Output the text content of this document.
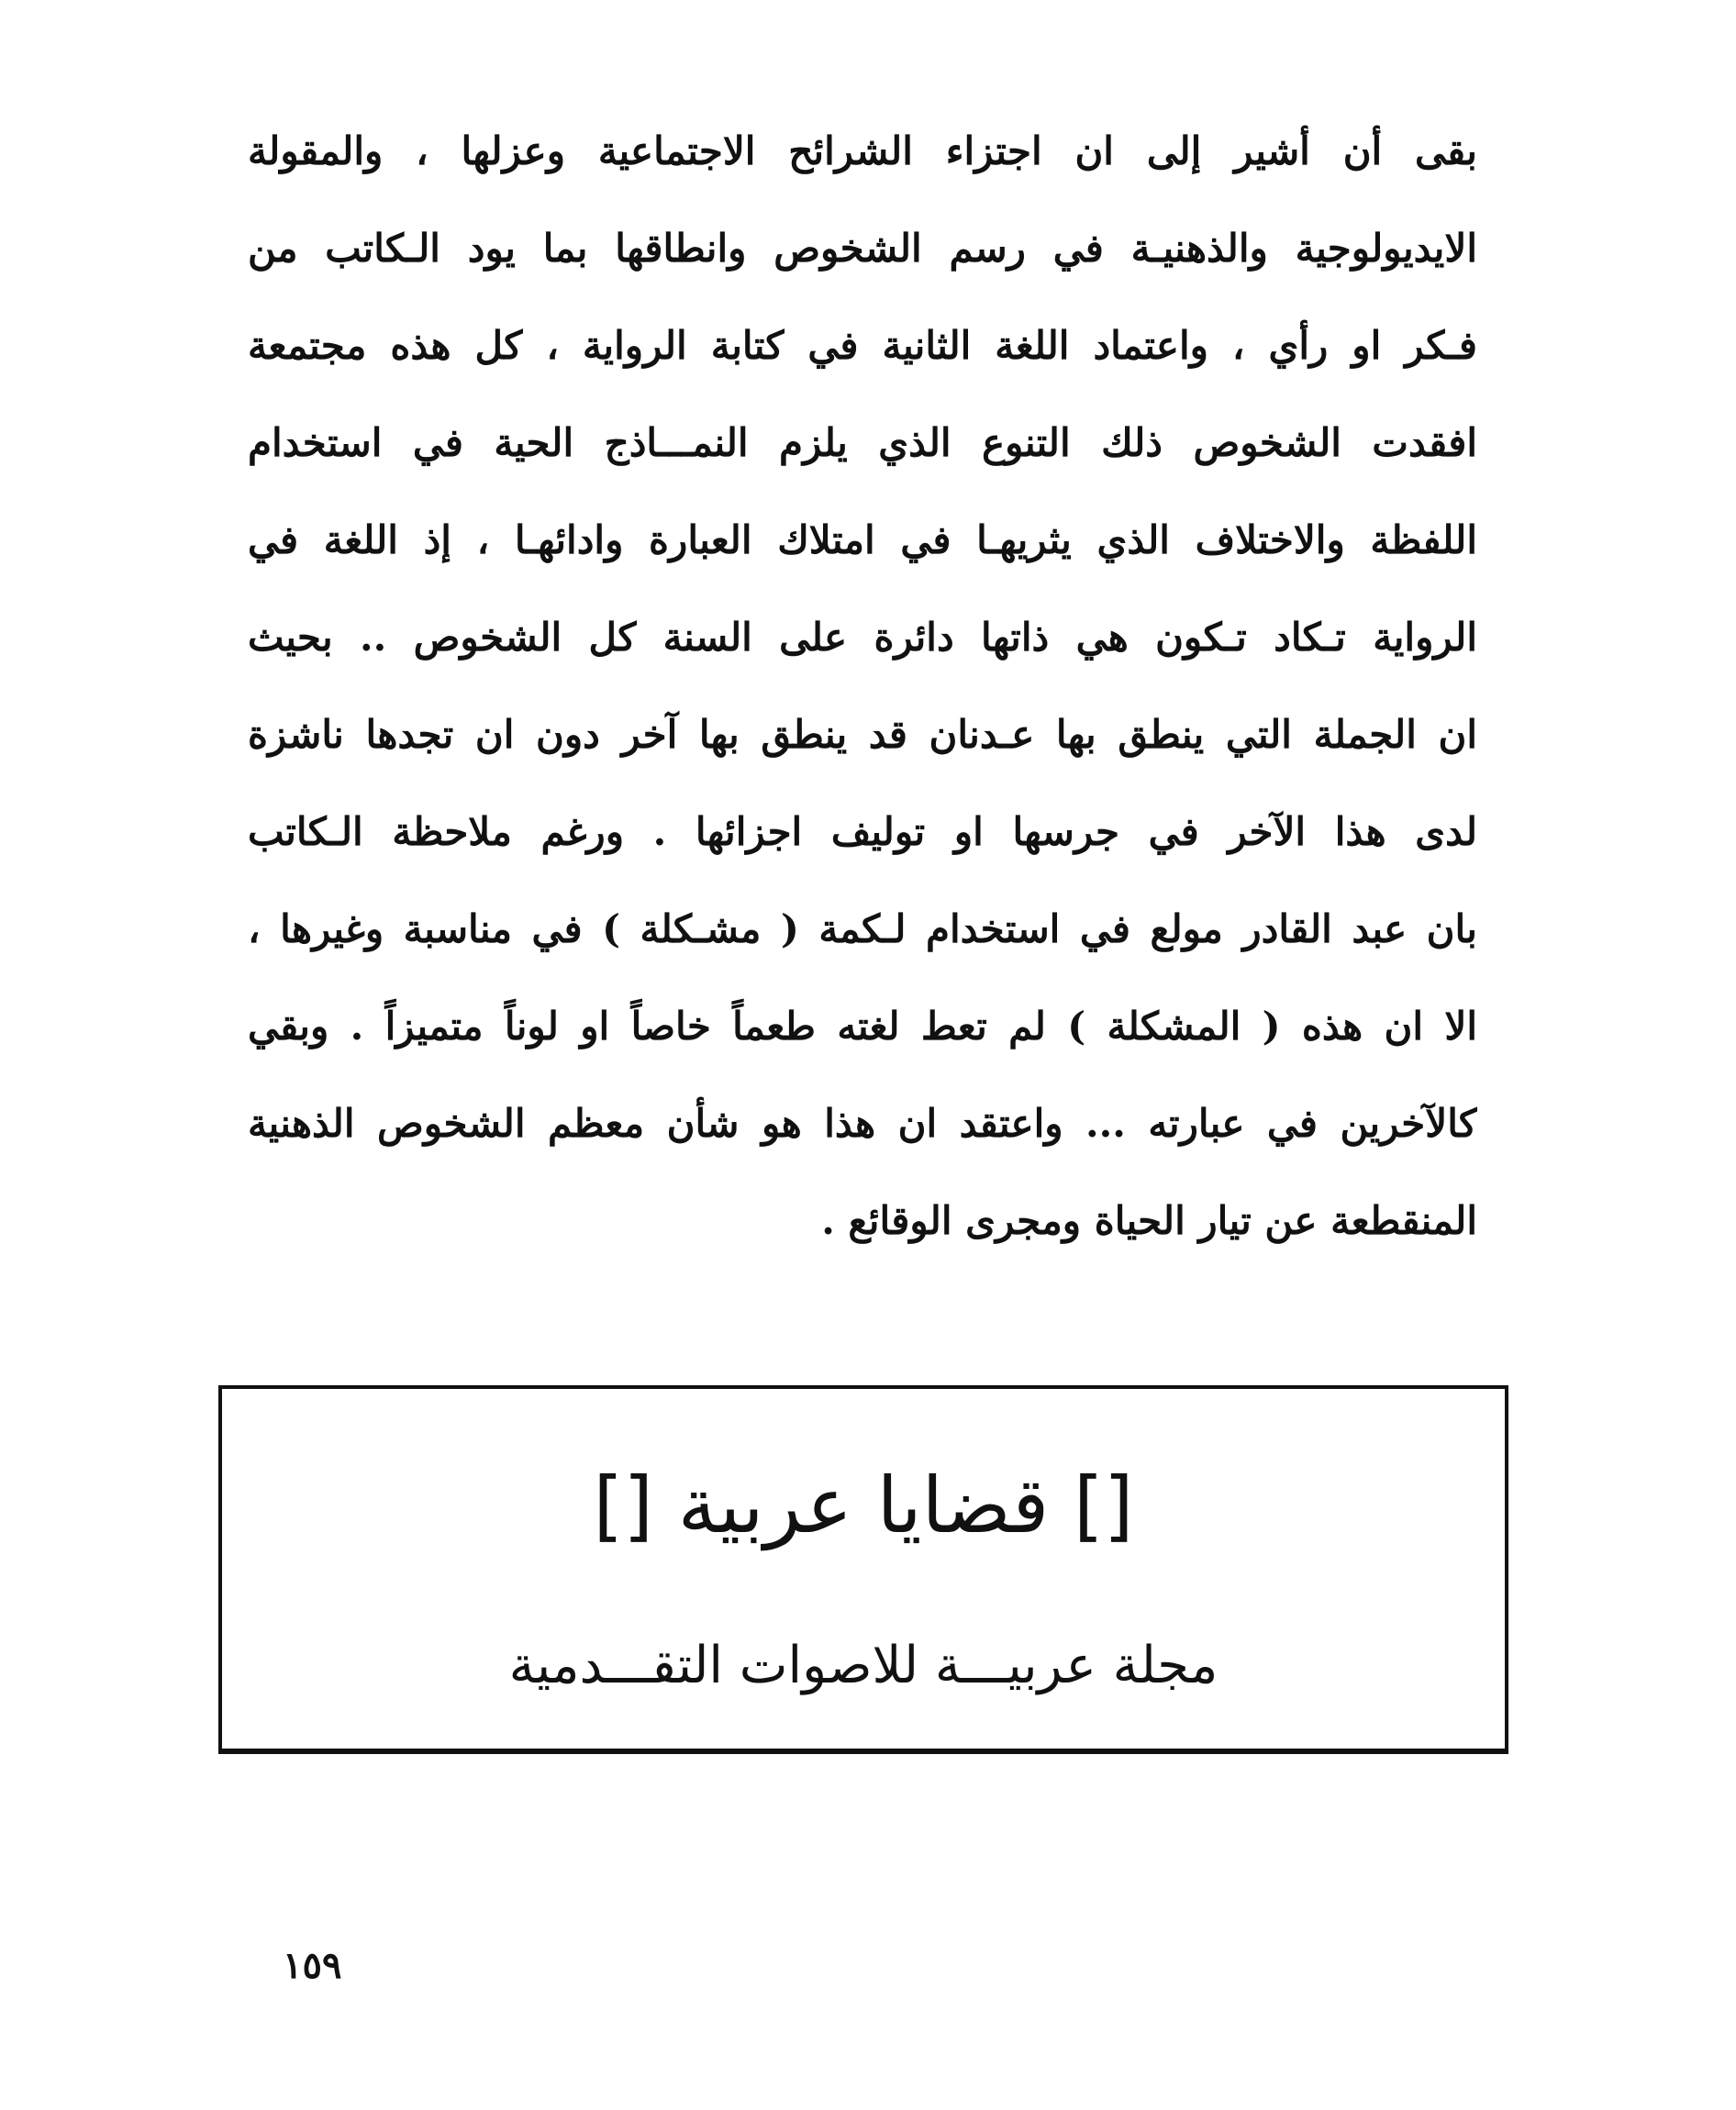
بقى أن أشير إلى ان اجتزاء الشرائح الاجتماعية وعزلها ، والمقولة
الايديولوجية والذهنيـة في رسم الشخوص وانطاقها بما يود الـكاتب من
فـكر او رأي ، واعتماد اللغة الثانية في كتابة الرواية ، كل هذه مجتمعة
افقدت الشخوص ذلك التنوع الذي يلزم النمـــاذج الحية في استخدام
اللفظة والاختلاف الذي يثريهـا في امتلاك العبارة وادائهـا ، إذ اللغة في
الرواية تـكاد تـكون هي ذاتها دائرة على السنة كل الشخوص .. بحيث
ان الجملة التي ينطق بها عـدنان قد ينطق بها آخر دون ان تجدها ناشزة
لدى هذا الآخر في جرسها او توليف اجزائها . ورغم ملاحظة الـكاتب
بان عبد القادر مولع في استخدام لـكمة ( مشـكلة ) في مناسبة وغيرها ،
الا ان هذه ( المشكلة ) لم تعط لغته طعماً خاصاً او لوناً متميزاً . وبقي
كالآخرين في عبارته ... واعتقد ان هذا هو شأن معظم الشخوص الذهنية
المنقطعة عن تيار الحياة ومجرى الوقائع .
[] قضايا عربية []
مجلة عربيـــة للاصوات التقـــدمية
١٥٩
